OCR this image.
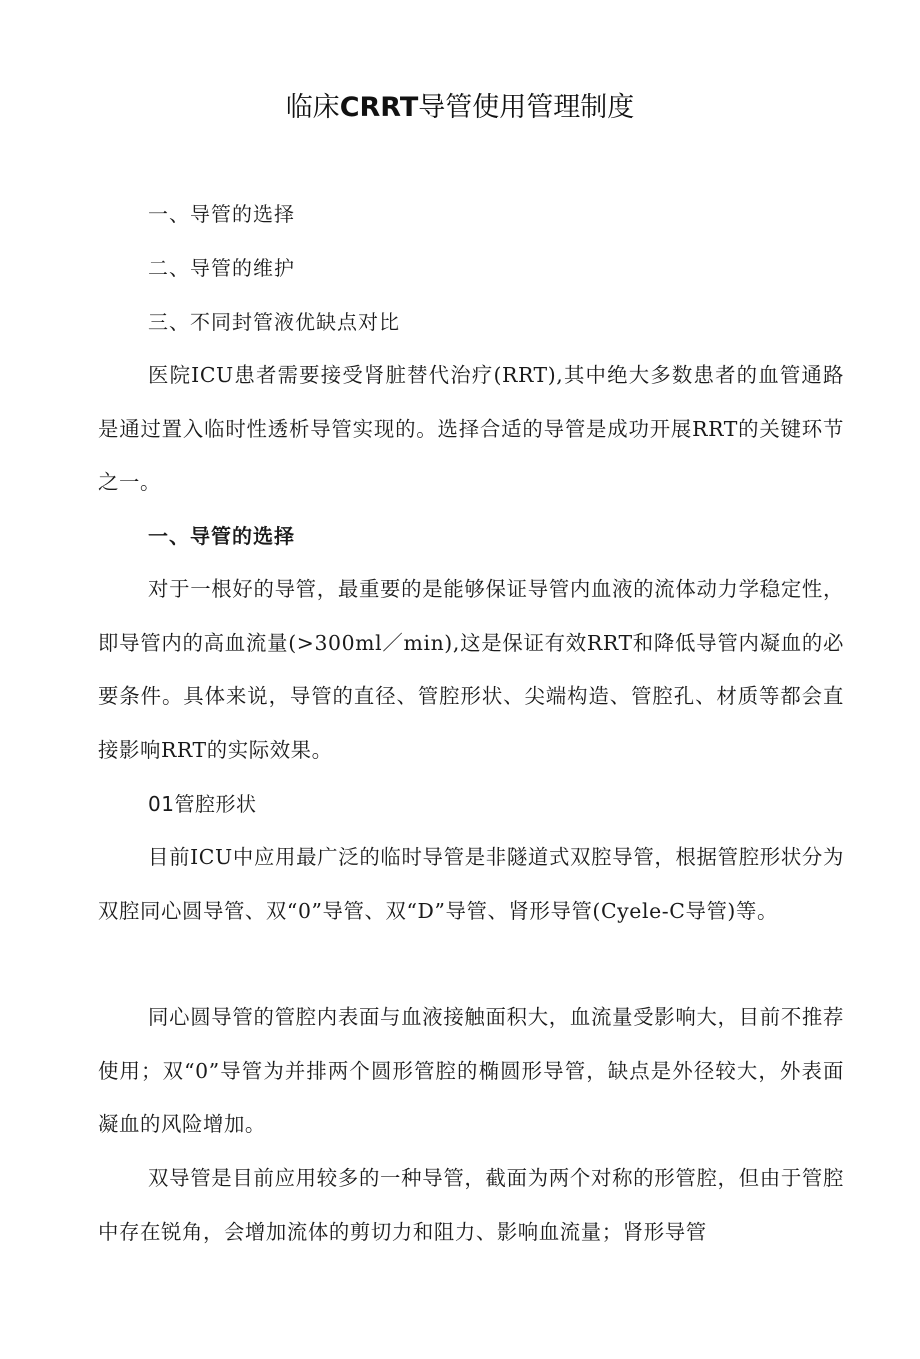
临床CRRT导管使用管理制度
一、导管的选择
二、导管的维护
三、不同封管液优缺点对比

医院ICU患者需要接受肾脏替代治疗(RRT),其中绝大多数患者的血管通路是通过置入临时性透析导管实现的。选择合适的导管是成功开展RRT的关键环节之一。

一、导管的选择

对于一根好的导管，最重要的是能够保证导管内血液的流体动力学稳定性，即导管内的高血流量(>300ml／min),这是保证有效RRT和降低导管内凝血的必要条件。具体来说，导管的直径、管腔形状、尖端构造、管腔孔、材质等都会直接影响RRT的实际效果。

01管腔形状

目前ICU中应用最广泛的临时导管是非隧道式双腔导管，根据管腔形状分为双腔同心圆导管、双“0”导管、双“D”导管、肾形导管(Cyele-C导管)等。

同心圆导管的管腔内表面与血液接触面积大，血流量受影响大，目前不推荐使用；双“0”导管为并排两个圆形管腔的椭圆形导管，缺点是外径较大，外表面凝血的风险增加。

双导管是目前应用较多的一种导管，截面为两个对称的形管腔，但由于管腔中存在锐角，会增加流体的剪切力和阻力、影响血流量；肾形导管
